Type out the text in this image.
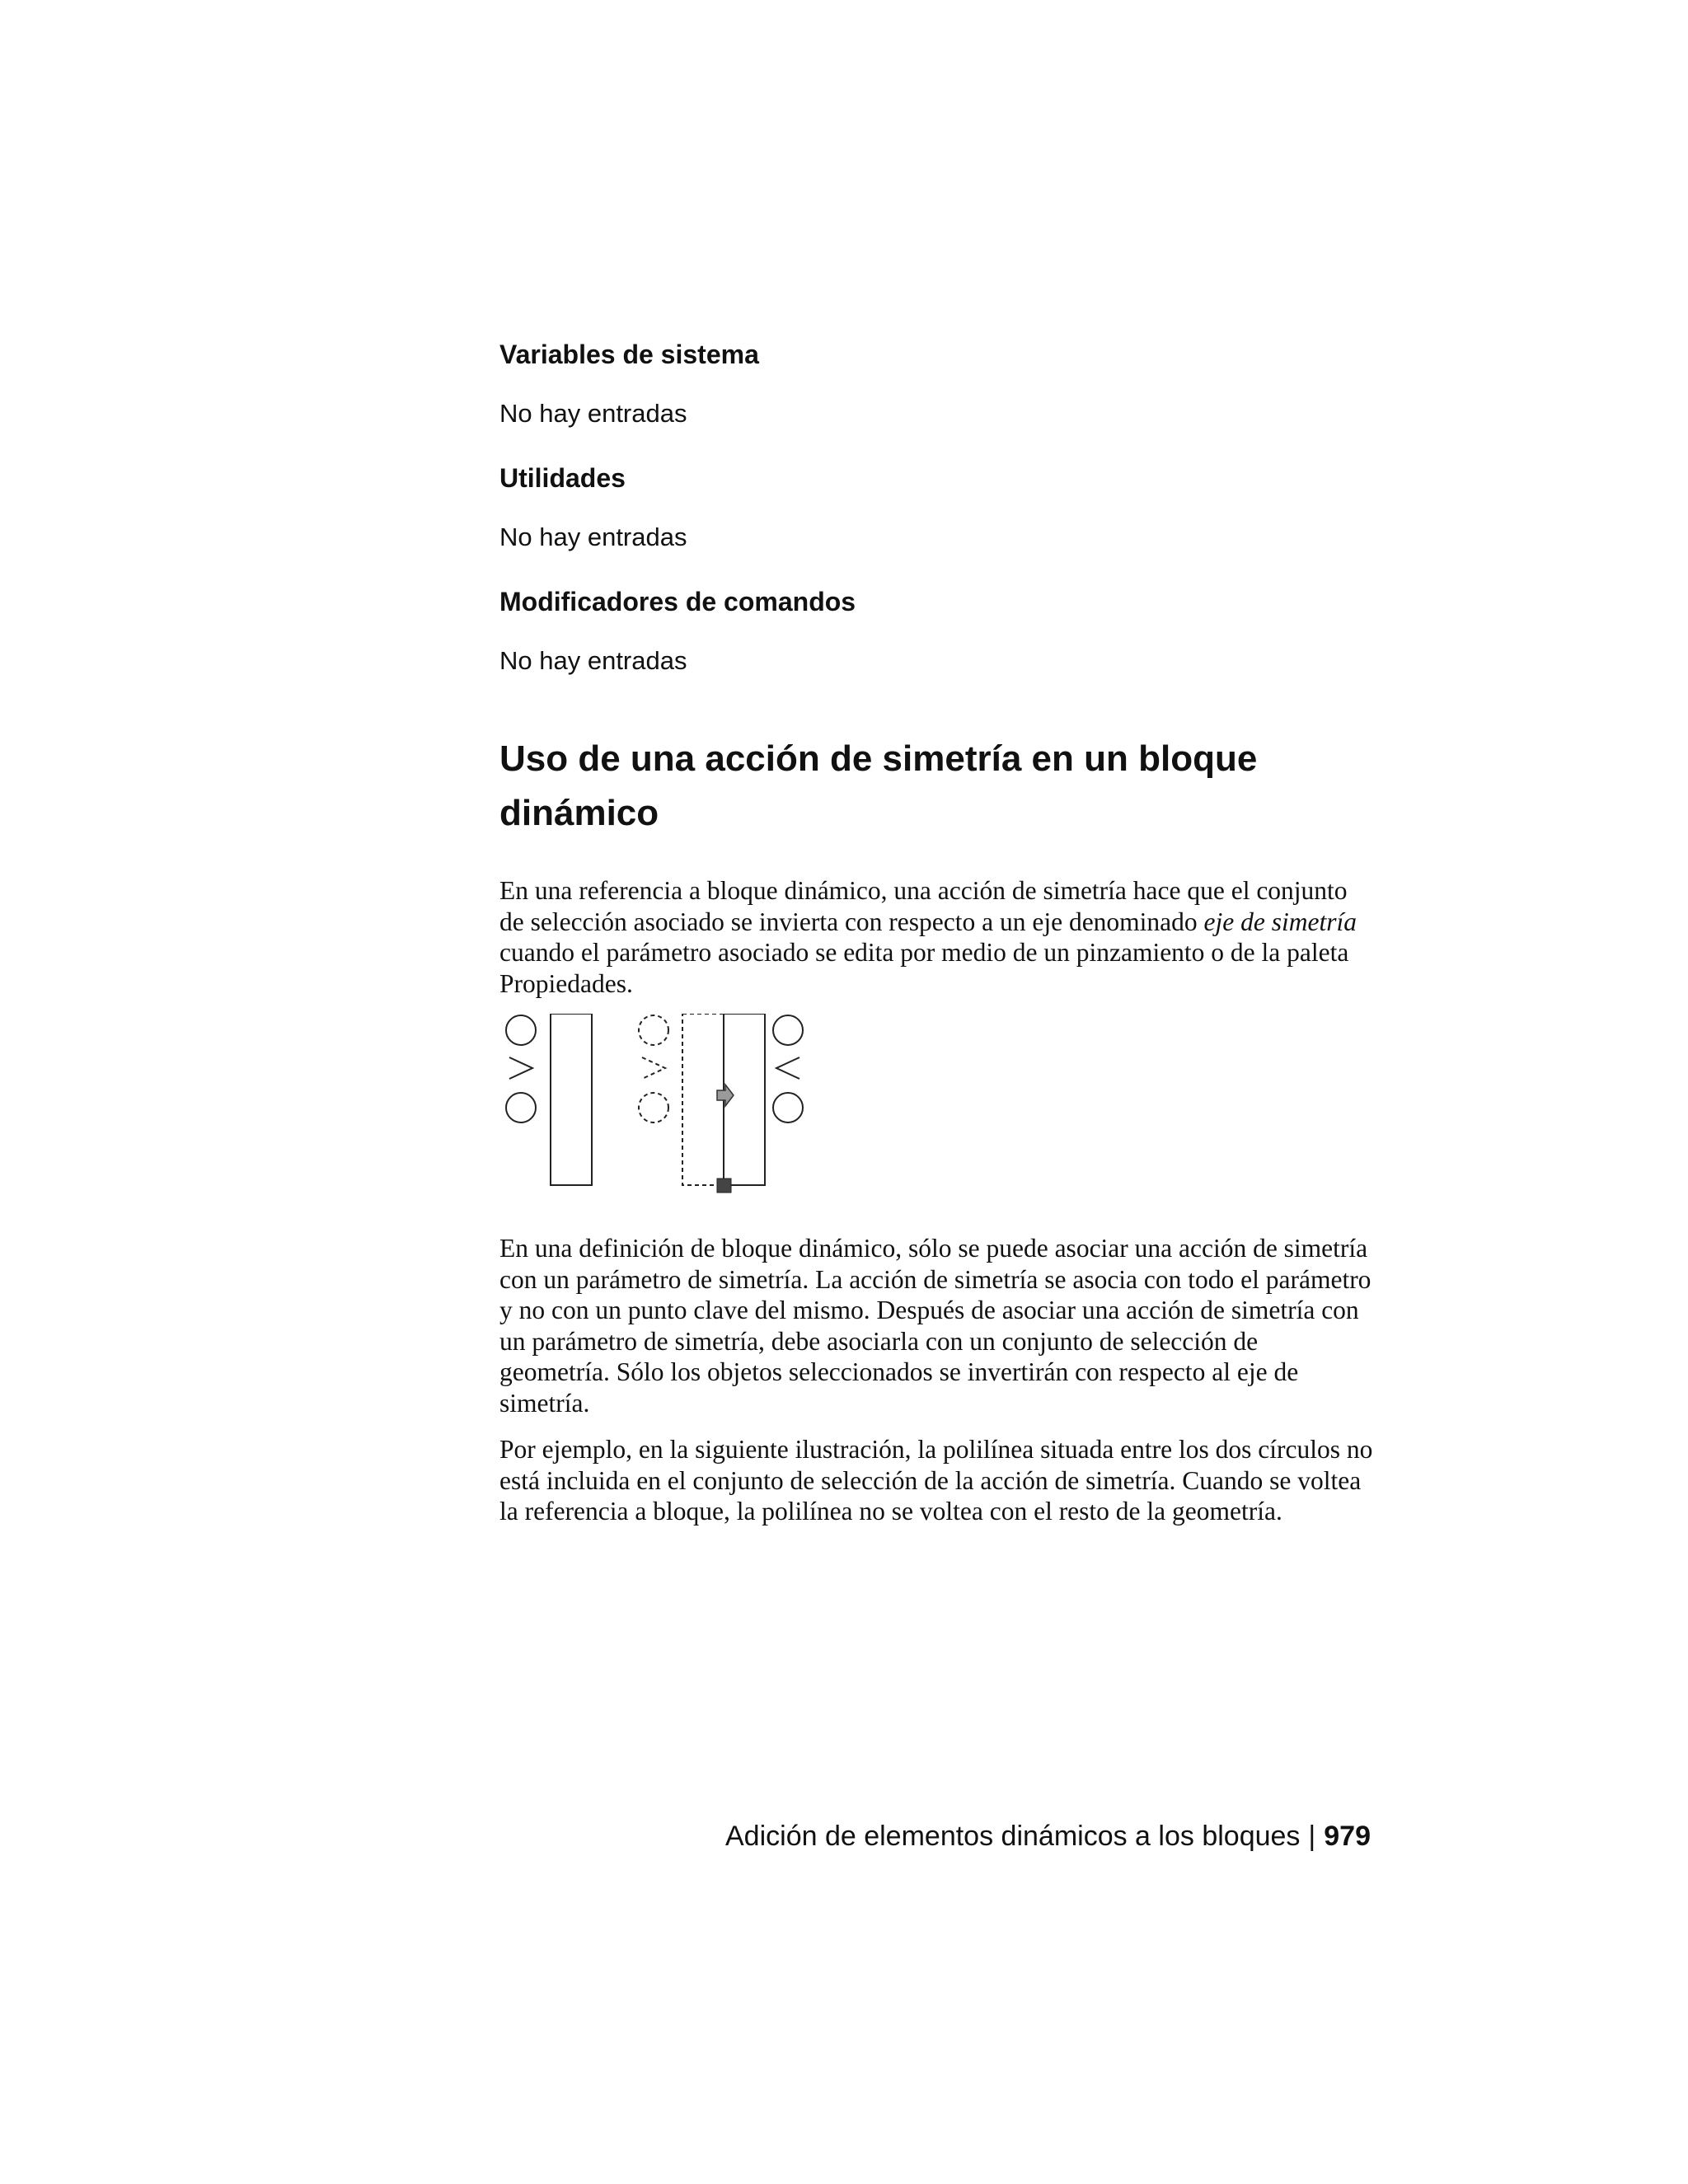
Variables de sistema

No hay entradas

Utilidades

No hay entradas

Modificadores de comandos

No hay entradas

Uso de una acción de simetría en un bloque dinámico

En una referencia a bloque dinámico, una acción de simetría hace que el conjunto de selección asociado se invierta con respecto a un eje denominado eje de simetría cuando el parámetro asociado se edita por medio de un pinzamiento o de la paleta Propiedades.

En una definición de bloque dinámico, sólo se puede asociar una acción de simetría con un parámetro de simetría. La acción de simetría se asocia con todo el parámetro y no con un punto clave del mismo. Después de asociar una acción de simetría con un parámetro de simetría, debe asociarla con un conjunto de selección de geometría. Sólo los objetos seleccionados se invertirán con respecto al eje de simetría.

Por ejemplo, en la siguiente ilustración, la polilínea situada entre los dos círculos no está incluida en el conjunto de selección de la acción de simetría. Cuando se voltea la referencia a bloque, la polilínea no se voltea con el resto de la geometría.

Adición de elementos dinámicos a los bloques | 979
